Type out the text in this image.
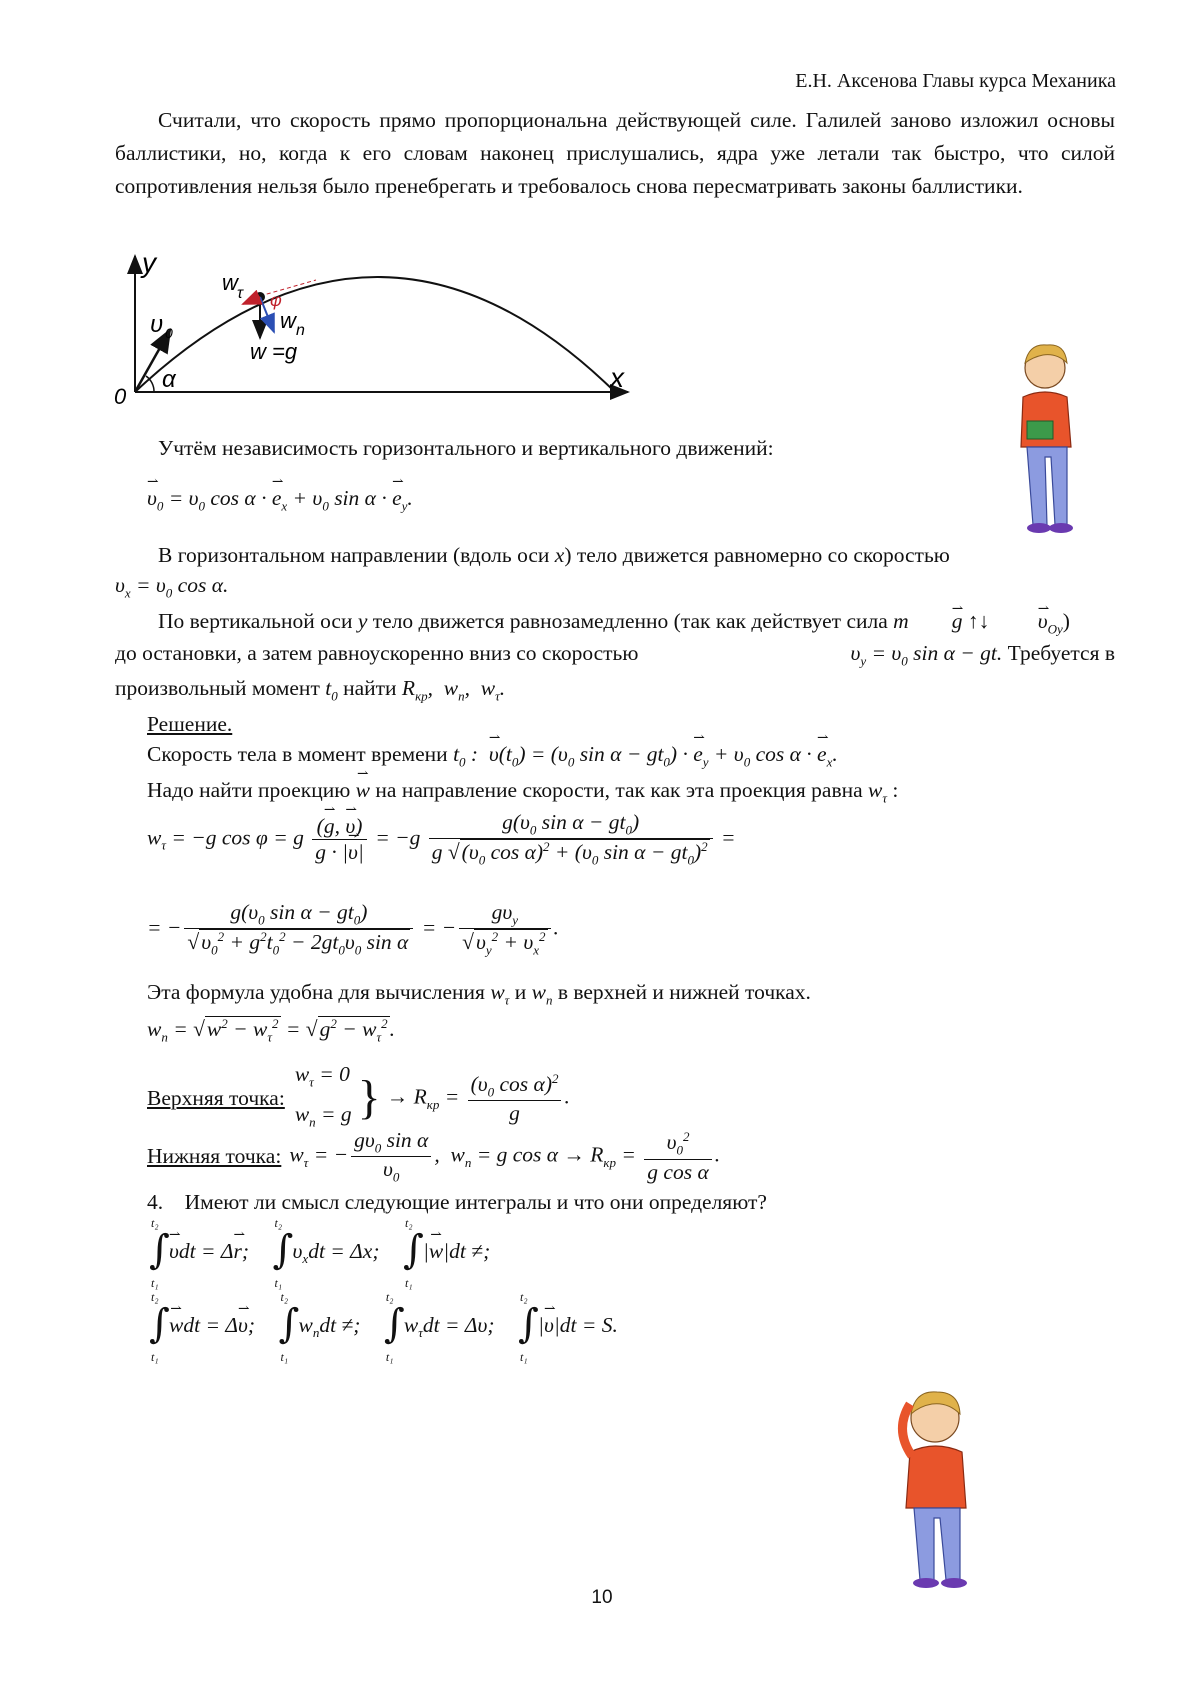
Е.Н. Аксенова Главы курса Механика
Считали, что скорость прямо пропорциональна действующей силе. Галилей заново изложил основы баллистики, но, когда к его словам наконец прислушались, ядра уже летали так быстро, что силой сопротивления нельзя было пренебрегать и требовалось снова пересматривать законы баллистики.
y
x
0
υ 0
α
w τ φ
w n
w =g
Учтём независимость горизонтального и вертикального движений:
⇀ $\upsilon_0 = \upsilon_0$ cos α · ⇀ $e_x + \upsilon_0$ sin α · ⇀ $e_y$.
В горизонтальном направлении (вдоль оси x) тело движется равномерно со скоростью
$\upsilon_x = \upsilon_0$ cos α.
По вертикальной оси y тело движется равнозамедленно (так как действует сила m ⇀ g ↑↓ ⇀ $\upsilon_{Oy}$)
до остановки, а затем равноускоренно вниз со скоростью	$\upsilon_y = \upsilon_0$ sin α − gt. Требуется в
произвольный момент $t_0$ найти $R_{кр}$,  $w_n$,  $w_\tau$.
Решение.
Скорость тела в момент времени $t_0$ :  ⇀ $\upsilon(t_0) = (\upsilon_0$ $\sin \alpha - gt_0$) · ⇀ $e_y + \upsilon_0$ cos α · ⇀ $e_x$.
Надо найти проекцию ⇀ w на направление скорости, так как эта проекция равна $w_\tau$ :
$w_\tau = -g$ cos φ = g $\frac{(⇀ g, ⇀ \upsilon)}{g \cdot |⇀ \upsilon|} = -g \frac{g(\upsilon_0 \sin \alpha - gt_0)}{g √(\upsilon_0 \cos \alpha)^2 + (\upsilon_0 \sin \alpha - gt_0)^2}$ =
= − $\frac{g(\upsilon_0 \sin \alpha - gt_0)}{√\upsilon_0^2 + g^2t_0^2 - 2gt_0\upsilon_0 \sin \alpha}$ = − $\frac{g\upsilon_y}{√\upsilon_y^2 + \upsilon_x^2}$ .
Эта формула удобна для вычисления $w_\tau$ и $w_n$ в верхней и нижней точках.
$w_n = √w^2 - w_\tau^2 = √g^2 - w_\tau^2$.
Верхняя точка:
$w_\tau = 0$
$w_n = g$ } → $R_{кр} = \frac{(\upsilon_0 \cos \alpha)^2}{g}$ .
Нижняя точка: $w_\tau$ = − $\frac{g\upsilon_0 \sin \alpha}{\upsilon_0}$ ,  $w_n = g$ $\cos \alpha \to R_{кр} = \frac{\upsilon_0^2}{\text{g cos α}}$ .
4. Имеют ли смысл следующие интегралы и что они определяют?
t₂
∫
t₁
⇀ υdt = Δ⇀ r;
t₂
∫
t₁
$\upsilon_xdt = \Delta x$;
t₂
∫
t₁
|⇀ w|dt ≠;
t₂
∫
t₁
⇀ wdt = Δ⇀ υ;
t₂
∫
t₁
$w_ndt$ ≠;
t₂
∫
t₁
$w_\tau dt = \Delta\upsilon$;
t₂
∫
t₁
|⇀ υ|dt = S.
10
